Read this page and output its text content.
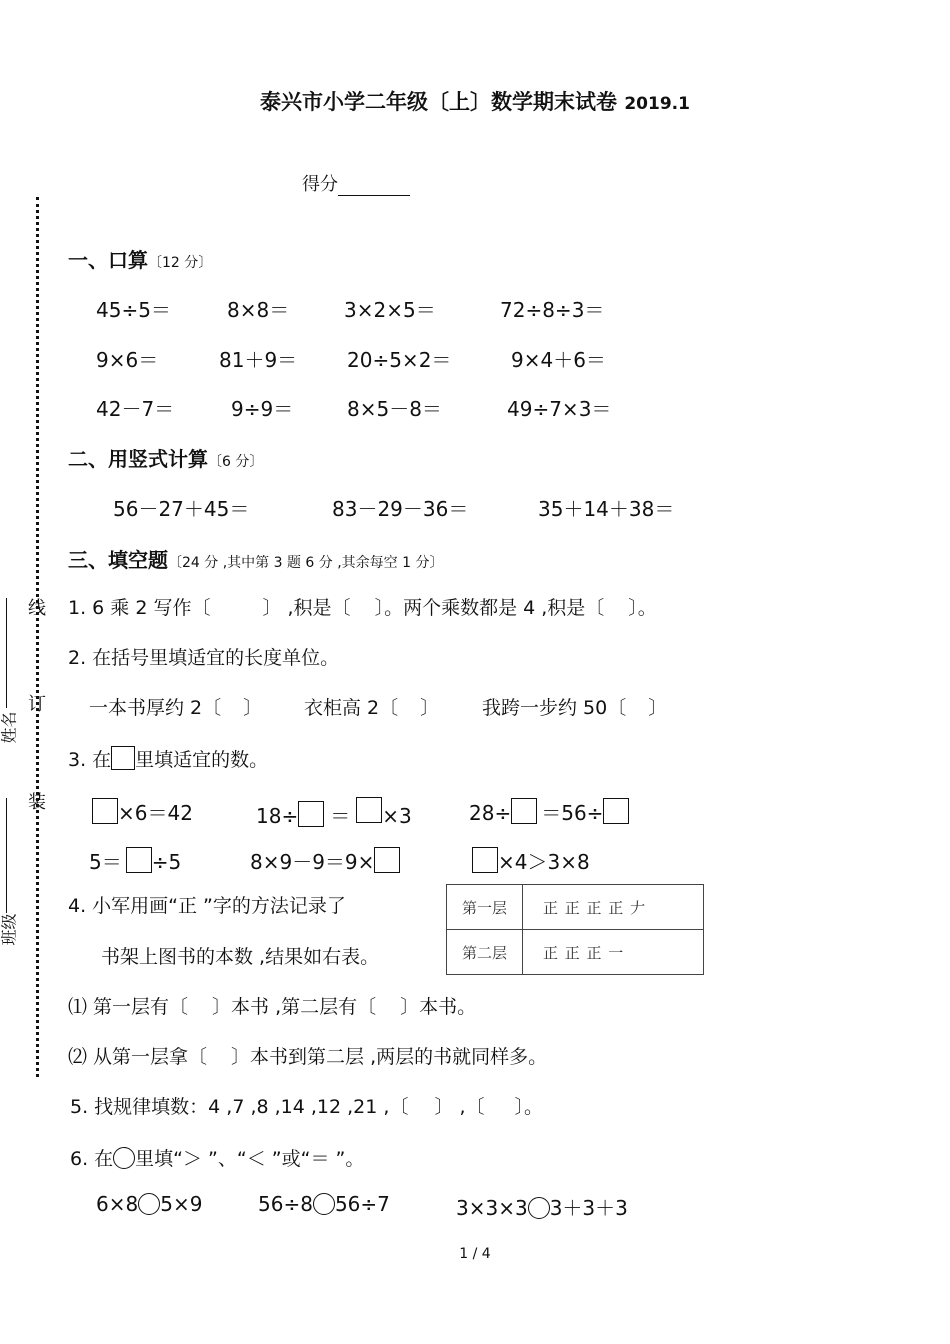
泰兴市小学二年级〔上〕数学期末试卷 2019.1
得分
线
订
装
姓名
班级
一、口算〔12 分〕
45÷5＝	8×8＝	3×2×5＝	72÷8÷3＝
9×6＝	81＋9＝ 20÷5×2＝	9×4＋6＝
42－7＝	9÷9＝	8×5－8＝	49÷7×3＝
二、用竖式计算〔6 分〕
56－27＋45＝	83－29－36＝	35＋14＋38＝
三、填空题〔24 分 ,其中第 3 题 6 分 ,其余每空 1 分〕
1. 6 乘 2 写作〔	〕 ,积是〔 〕。两个乘数都是 4 ,积是〔 〕。
2. 在括号里填适宜的长度单位。
一本书厚约 2〔 〕 衣柜高 2〔 〕 我跨一步约 50〔 〕
3. 在 里填适宜的数。
×6＝42	18÷ ＝ ×3	28÷ ＝56÷
5＝ ÷5	8×9－9＝9×	×4＞3×8
4. 小军用画“正 ”字的方法记录了
书架上图书的本数 ,结果如右表。
第一层	正 正 正 正 𠂇
第二层	正 正 正 一
⑴ 第一层有〔 〕本书 ,第二层有〔 〕本书。
⑵ 从第一层拿〔 〕本书到第二层 ,两层的书就同样多。
5. 找规律填数：4 ,7 ,8 ,14 ,12 ,21 ,〔 〕 ,〔 〕。
6. 在 里填“＞ ”、“＜ ”或“＝ ”。
6×8 5×9	56÷8 56÷7	3×3×3 3＋3＋3
1 / 4
